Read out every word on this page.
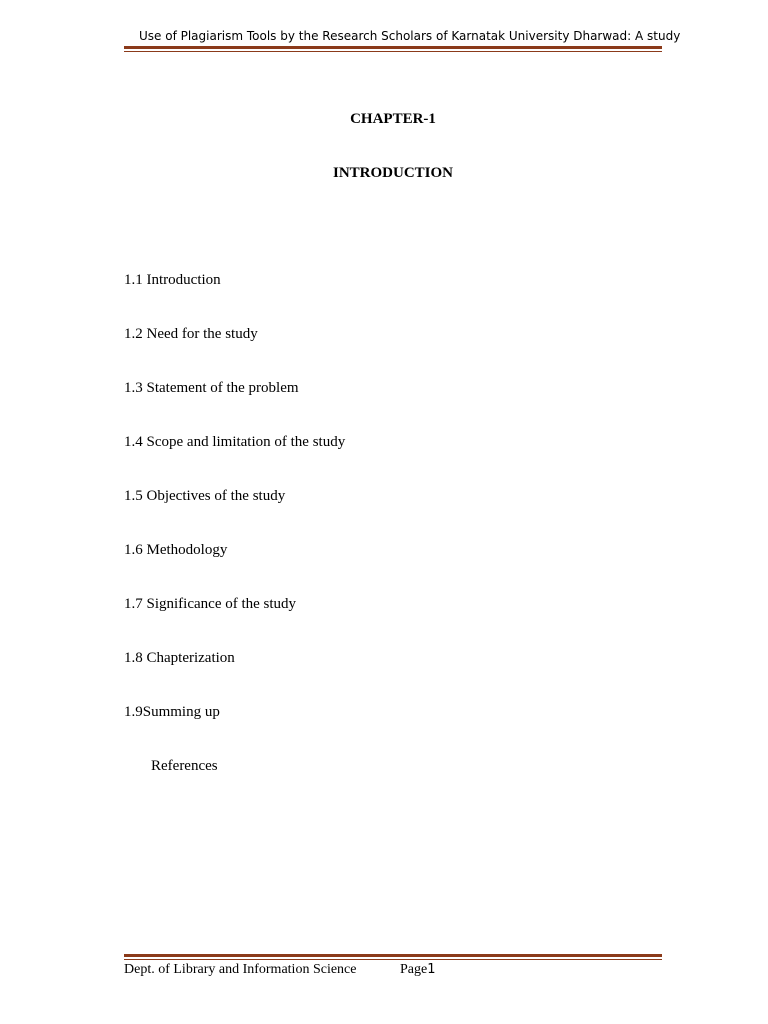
Use of Plagiarism Tools by the Research Scholars of Karnatak University Dharwad: A study
CHAPTER-1
INTRODUCTION
1.1 Introduction
1.2 Need for the study
1.3 Statement of the problem
1.4 Scope and limitation of the study
1.5 Objectives of the study
1.6 Methodology
1.7 Significance of the study
1.8 Chapterization
1.9Summing up
References
Dept. of Library and Information Science	Page1
